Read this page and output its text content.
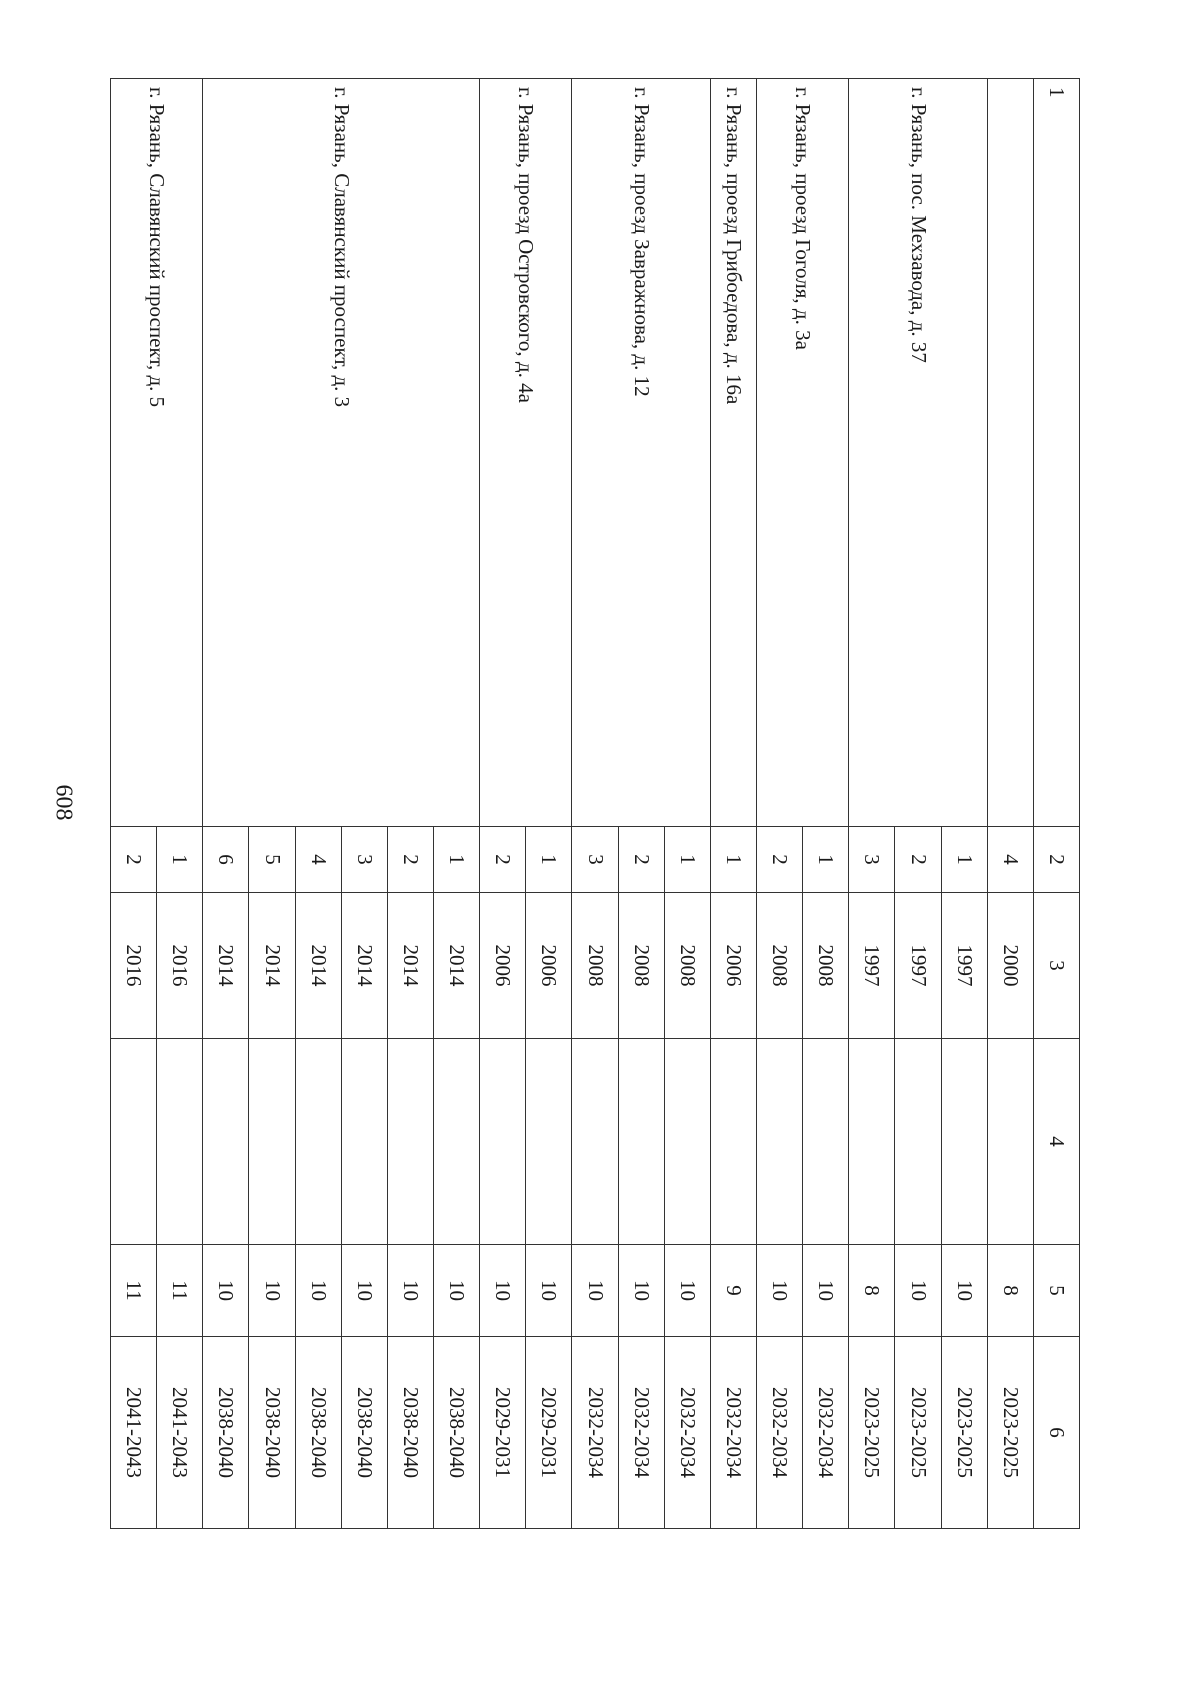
608
1	2	3	4	5	6
	4	2000		8	2023-2025
г. Рязань, пос. Мехзавода, д. 37	1	1997		10	2023-2025
	2	1997		10	2023-2025
	3	1997		8	2023-2025
г. Рязань, проезд Гоголя, д. 3а	1	2008		10	2032-2034
	2	2008		10	2032-2034
г. Рязань, проезд Грибоедова, д. 16а	1	2006		9	2032-2034
г. Рязань, проезд Завражнова, д. 12	1	2008		10	2032-2034
	2	2008		10	2032-2034
	3	2008		10	2032-2034
г. Рязань, проезд Островского, д. 4а	1	2006		10	2029-2031
	2	2006		10	2029-2031
г. Рязань, Славянский проспект, д. 3	1	2014		10	2038-2040
	2	2014		10	2038-2040
	3	2014		10	2038-2040
	4	2014		10	2038-2040
	5	2014		10	2038-2040
	6	2014		10	2038-2040
г. Рязань, Славянский проспект, д. 5	1	2016		11	2041-2043
	2	2016		11	2041-2043
